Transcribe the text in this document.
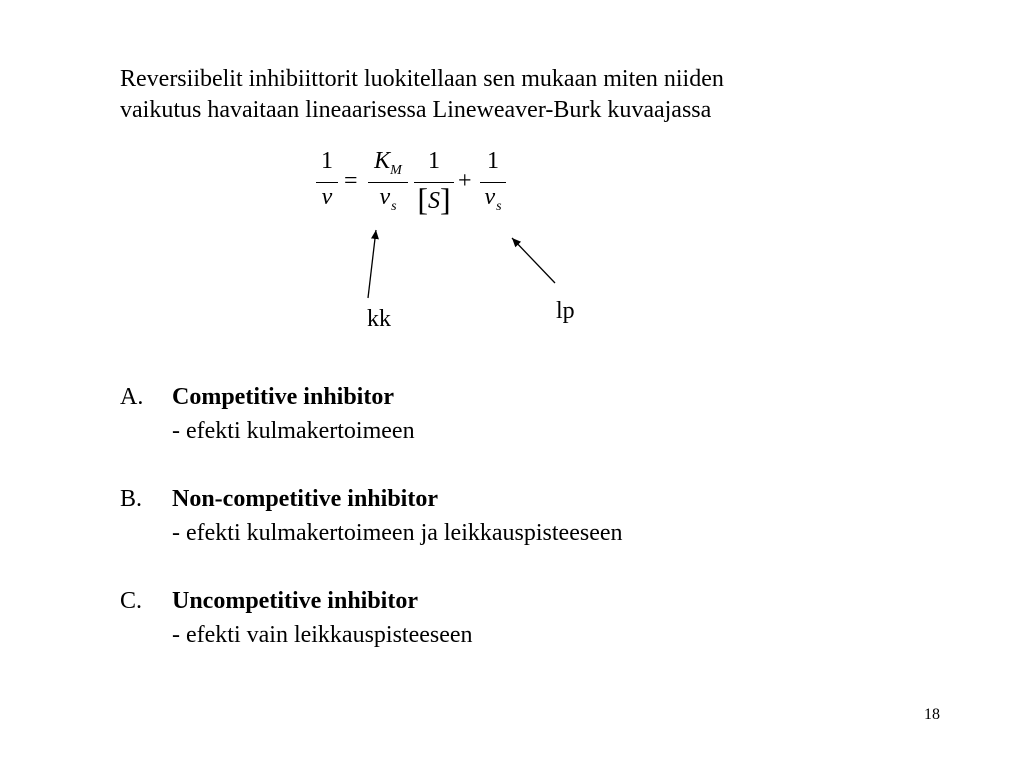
Reversiibelit inhibiittorit luokitellaan sen mukaan miten niiden
vaikutus havaitaan lineaarisessa Lineweaver-Burk kuvaajassa
1
v
=
$K_M$
$v_s$
1
[S] +
1
$v_s$
kk	lp
A. Competitive inhibitor
- efekti kulmakertoimeen
B. Non-competitive inhibitor
- efekti kulmakertoimeen ja leikkauspisteeseen
C. Uncompetitive inhibitor
- efekti vain leikkauspisteeseen
18
